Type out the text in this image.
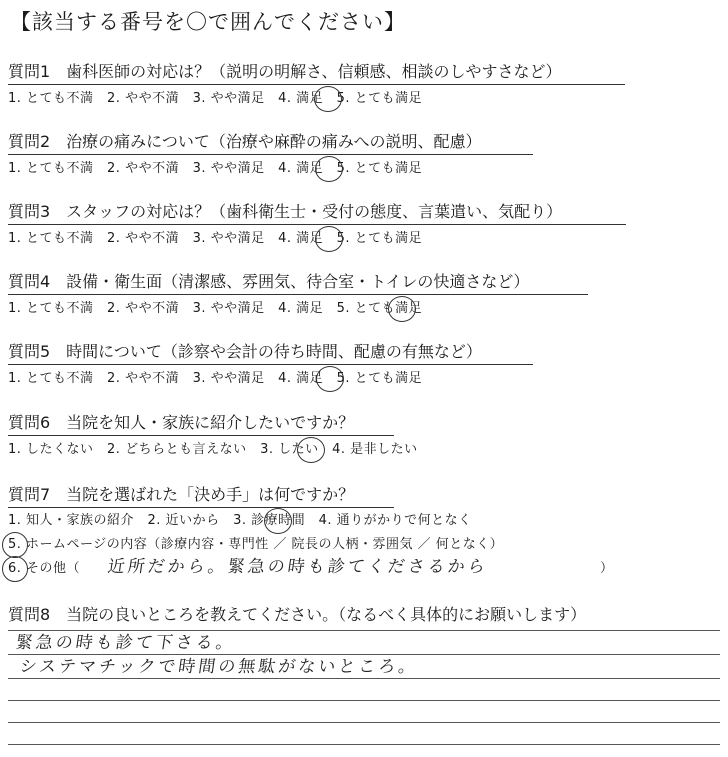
【該当する番号を〇で囲んでください】
質問1　歯科医師の対応は？（説明の明解さ、信頼感、相談のしやすさなど）
1. とても不満　2. やや不満　3. やや満足　4. 満足　5. とても満足
質問2　治療の痛みについて（治療や麻酔の痛みへの説明、配慮）
1. とても不満　2. やや不満　3. やや満足　4. 満足　5. とても満足
質問3　スタッフの対応は？（歯科衛生士・受付の態度、言葉遣い、気配り）
1. とても不満　2. やや不満　3. やや満足　4. 満足　5. とても満足
質問4　設備・衛生面（清潔感、雰囲気、待合室・トイレの快適さなど）
1. とても不満　2. やや不満　3. やや満足　4. 満足　5. とても満足
質問5　時間について（診察や会計の待ち時間、配慮の有無など）
1. とても不満　2. やや不満　3. やや満足　4. 満足　5. とても満足
質問6　当院を知人・家族に紹介したいですか？
1. したくない　2. どちらとも言えない　3. したい　4. 是非したい
質問7　当院を選ばれた「決め手」は何ですか？
1. 知人・家族の紹介　2. 近いから　3. 診療時間　4. 通りがかりで何となく
5. ホームページの内容（診療内容・専門性 ／ 院長の人柄・雰囲気 ／ 何となく）
6. その他（ 近所だから。緊急の時も診てくださるから	）
質問8　当院の良いところを教えてください。（なるべく具体的にお願いします）
緊急の時も診て下さる。
システマチックで時間の無駄がないところ。
